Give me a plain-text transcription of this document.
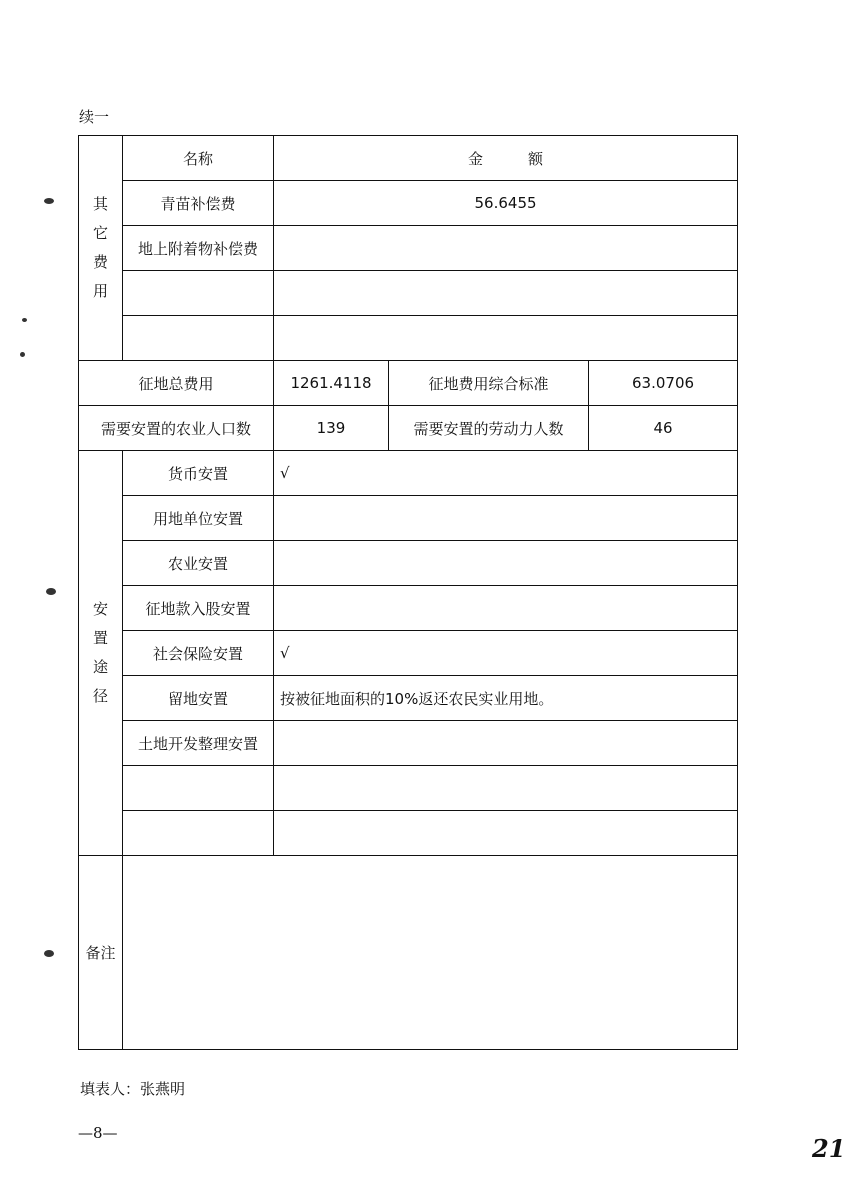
续一
其
它
费
用	名称	金　　　额		
	青苗补偿费	56.6455		
	地上附着物补偿费			

征地总费用		1261.4118	征地费用综合标准	63.0706
需要安置的农业人口数		139	需要安置的劳动力人数	46

安
置
途
径	货币安置	√		
	用地单位安置			
	农业安置			
	征地款入股安置			
	社会保险安置	√		
	留地安置	按被征地面积的10%返还农民实业用地。		
	土地开发整理安置			

备注				
填表人：张燕明
—8—
21
